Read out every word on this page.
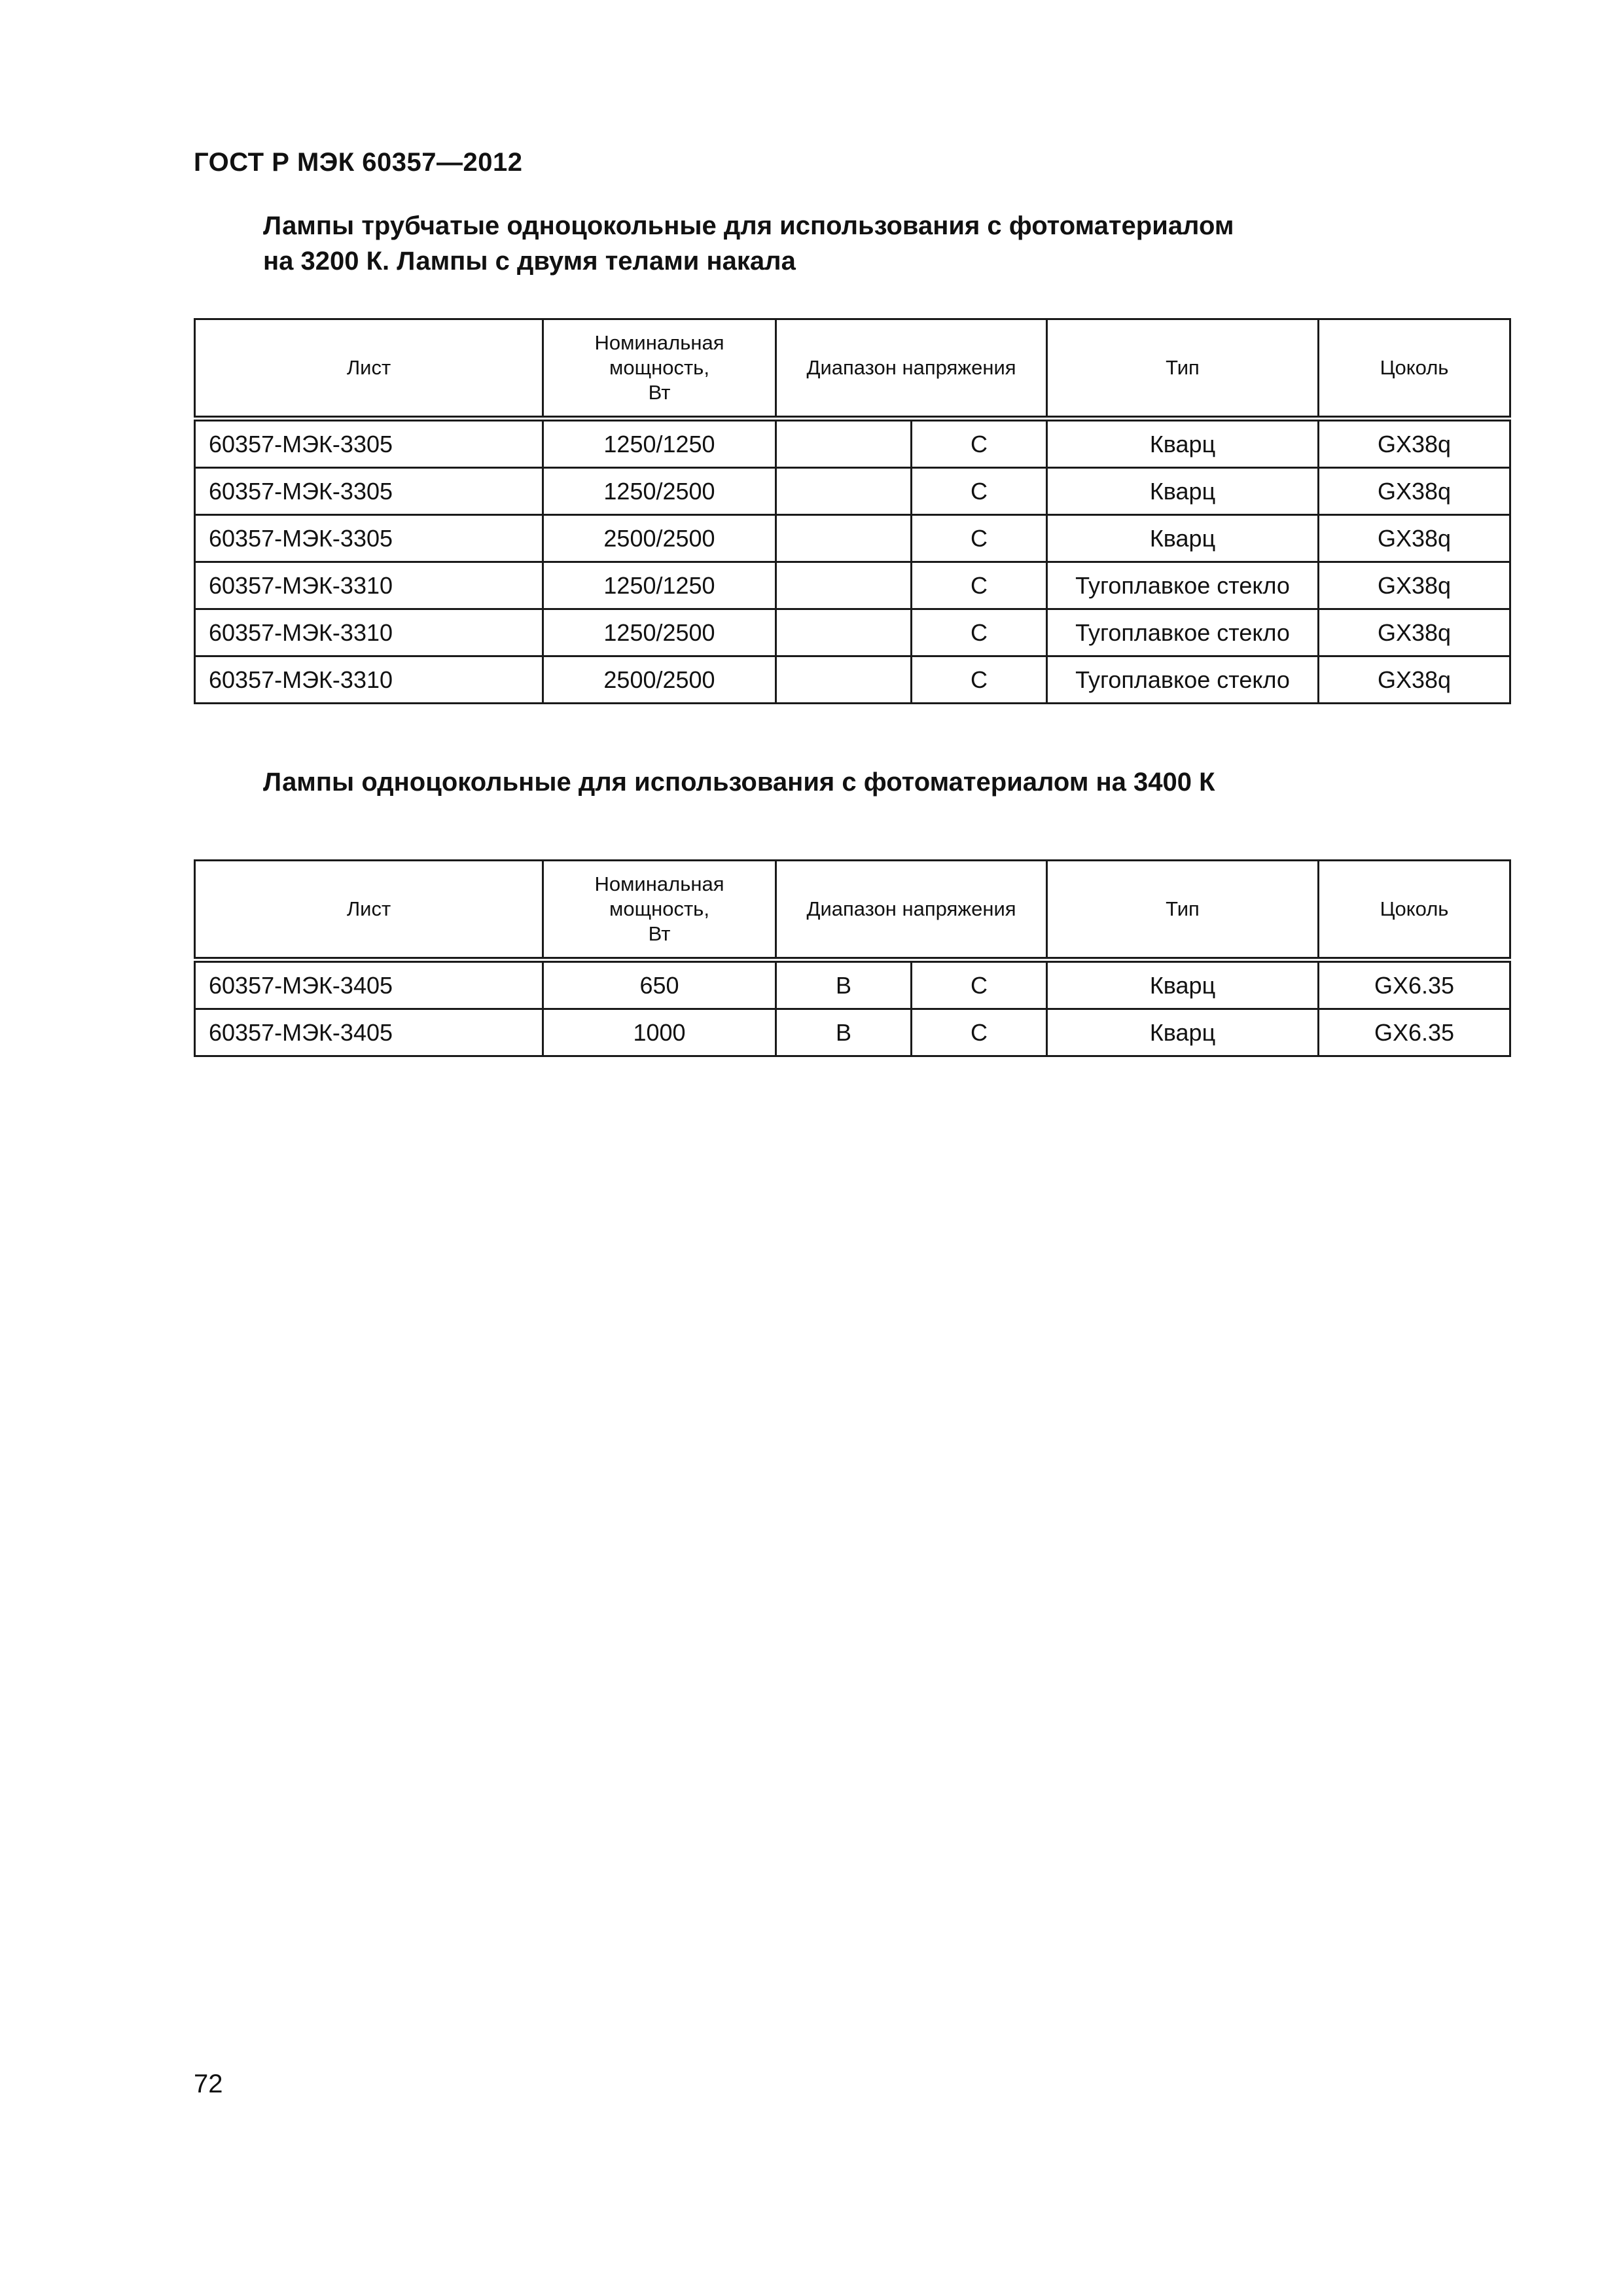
ГОСТ Р МЭК 60357—2012
Лампы трубчатые одноцокольные для использования с фотоматериалом
на 3200 К. Лампы с двумя телами накала
Лист	Номинальная
мощность,
Вт	Диапазон напряжения		Тип	Цоколь
60357-МЭК-3305	1250/1250		C	Кварц	GX38q
60357-МЭК-3305	1250/2500		C	Кварц	GX38q
60357-МЭК-3305	2500/2500		C	Кварц	GX38q
60357-МЭК-3310	1250/1250		C	Тугоплавкое стекло	GX38q
60357-МЭК-3310	1250/2500		C	Тугоплавкое стекло	GX38q
60357-МЭК-3310	2500/2500		C	Тугоплавкое стекло	GX38q
Лампы одноцокольные для использования с фотоматериалом на 3400 К
Лист	Номинальная
мощность,
Вт	Диапазон напряжения		Тип	Цоколь
60357-МЭК-3405	650	B	C	Кварц	GX6.35
60357-МЭК-3405	1000	B	C	Кварц	GX6.35
72
